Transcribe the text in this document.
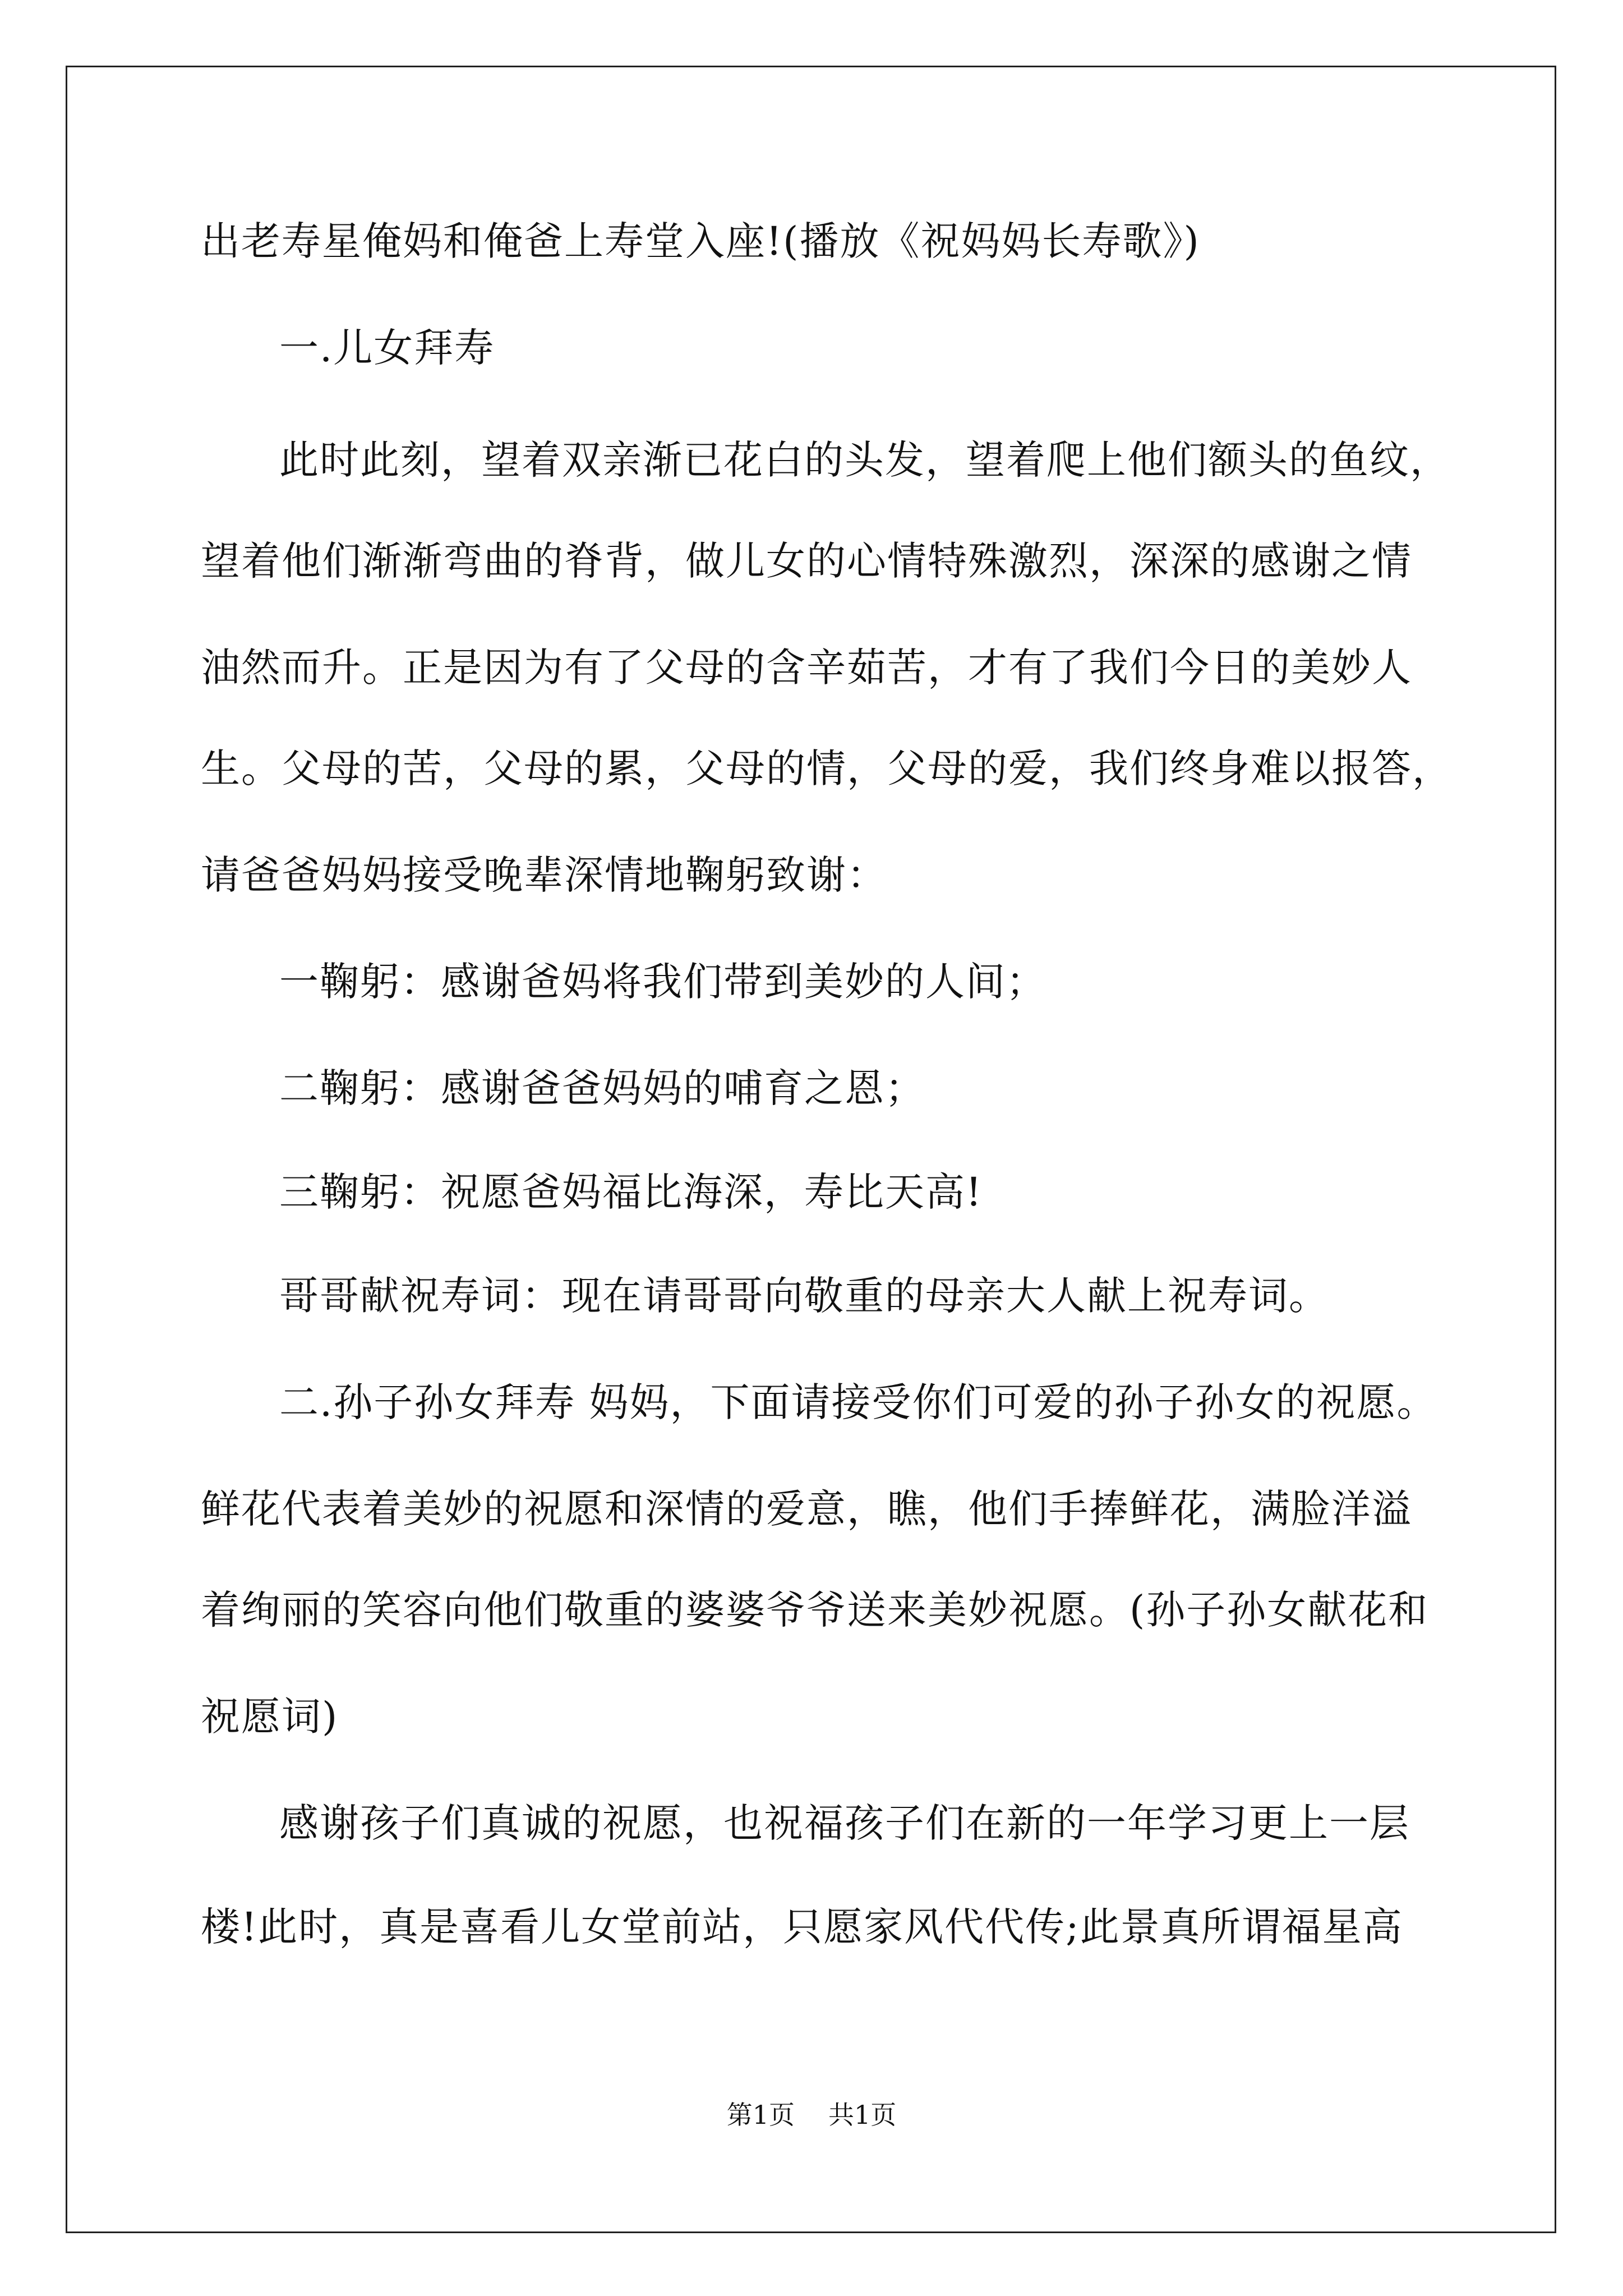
出老寿星俺妈和俺爸上寿堂入座!(播放《祝妈妈长寿歌》)
一.儿女拜寿
此时此刻，望着双亲渐已花白的头发，望着爬上他们额头的鱼纹，
望着他们渐渐弯曲的脊背，做儿女的心情特殊激烈，深深的感谢之情
油然而升。正是因为有了父母的含辛茹苦，才有了我们今日的美妙人
生。父母的苦，父母的累，父母的情，父母的爱，我们终身难以报答，
请爸爸妈妈接受晚辈深情地鞠躬致谢：
一鞠躬：感谢爸妈将我们带到美妙的人间；
二鞠躬：感谢爸爸妈妈的哺育之恩；
三鞠躬：祝愿爸妈福比海深，寿比天高!
哥哥献祝寿词：现在请哥哥向敬重的母亲大人献上祝寿词。
二.孙子孙女拜寿 妈妈，下面请接受你们可爱的孙子孙女的祝愿。
鲜花代表着美妙的祝愿和深情的爱意，瞧，他们手捧鲜花，满脸洋溢
着绚丽的笑容向他们敬重的婆婆爷爷送来美妙祝愿。(孙子孙女献花和
祝愿词)
感谢孩子们真诚的祝愿，也祝福孩子们在新的一年学习更上一层
楼!此时，真是喜看儿女堂前站，只愿家风代代传;此景真所谓福星高
第1页 共1页
